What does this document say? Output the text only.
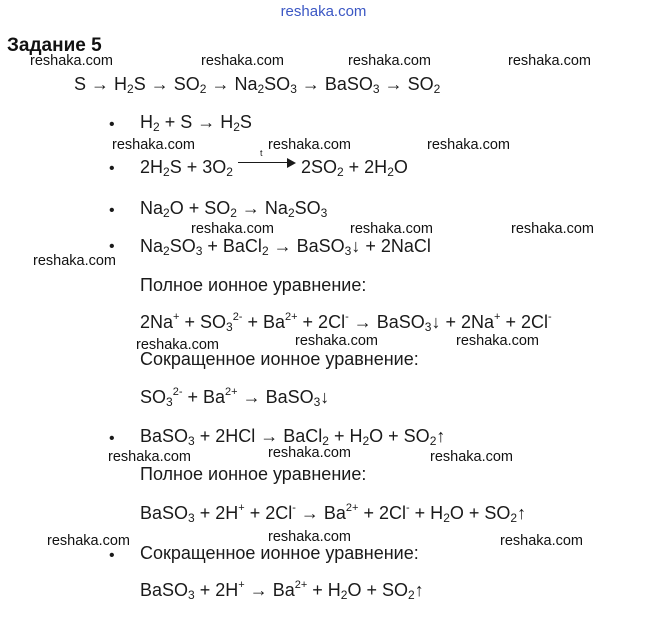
reshaka.com
Задание 5
reshaka.com	reshaka.com	reshaka.com	reshaka.com
reshaka.com	reshaka.com	reshaka.com
reshaka.com	reshaka.com	reshaka.com
reshaka.com
reshaka.com	reshaka.com	reshaka.com
reshaka.com	reshaka.com	reshaka.com
reshaka.com	reshaka.com	reshaka.com
$S \to H_2S \to SO_2 \to Na_2SO_3$ → BaSO$_3$ → $SO_2$
•
•
•
•
•
•
$H_2 + S \to H_2S$
$2H_2S + 3O_2$
t
$2SO_2 + 2H_2O$
$Na_2O + SO_2 \to Na_2SO_3$
$Na_2SO_3$ + BaCl$_2$ → BaSO$_3$↓ + 2NaCl
Полное ионное уравнение:
$2Na^+ + SO_3^{2-} + Ba^{2+} + 2Cl^-$ → BaSO$_3$↓ + 2Na+ + 2Cl-
Сокращенное ионное уравнение:
$SO_3^{2-} + Ba^{2+}$ → BaSO$_3$↓
BaSO$_3$ + 2HCl → BaCl$_2$ + $H_2O$ + $SO_2↑$
Полное ионное уравнение:
BaSO$_3$ + $2H^+ + 2Cl^- \to Ba^{2+} + 2Cl^- + H_2O$ + $SO_2↑$
Сокращенное ионное уравнение:
BaSO$_3$ + $2H^+ \to Ba^{2+} + H_2O$ + $SO_2↑$
